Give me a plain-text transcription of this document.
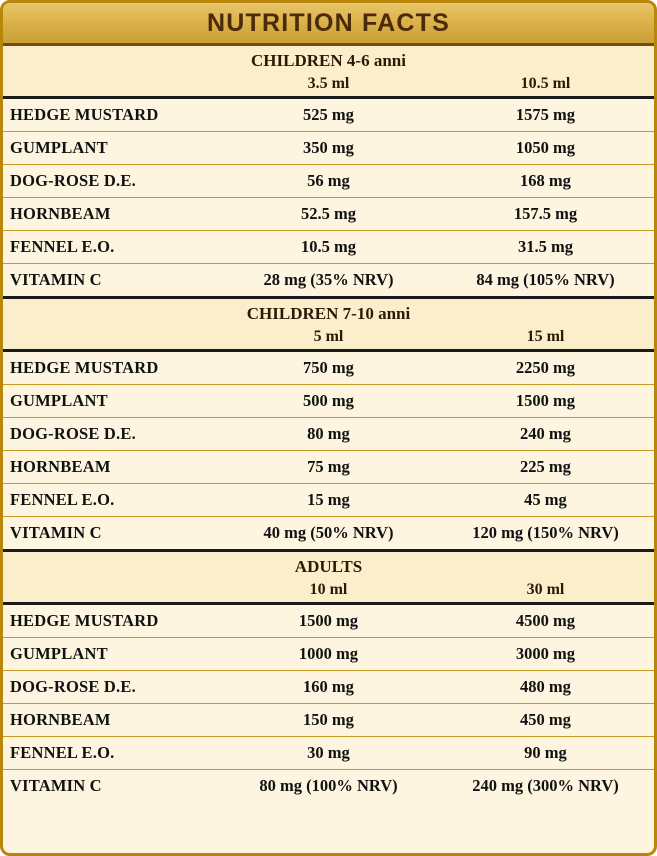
NUTRITION FACTS
CHILDREN 4-6 anni		
	3.5 ml	10.5 ml
HEDGE MUSTARD	525 mg	1575 mg
GUMPLANT	350 mg	1050 mg
DOG-ROSE D.E.	56 mg	168 mg
HORNBEAM	52.5 mg	157.5 mg
FENNEL E.O.	10.5 mg	31.5 mg
VITAMIN C	28 mg (35% NRV)	84 mg (105% NRV)
CHILDREN 7-10 anni		
	5 ml	15 ml
HEDGE MUSTARD	750 mg	2250 mg
GUMPLANT	500 mg	1500 mg
DOG-ROSE D.E.	80 mg	240 mg
HORNBEAM	75 mg	225 mg
FENNEL E.O.	15 mg	45 mg
VITAMIN C	40 mg (50% NRV)	120 mg (150% NRV)
ADULTS		
	10 ml	30 ml
HEDGE MUSTARD	1500 mg	4500 mg
GUMPLANT	1000 mg	3000 mg
DOG-ROSE D.E.	160 mg	480 mg
HORNBEAM	150 mg	450 mg
FENNEL E.O.	30 mg	90 mg
VITAMIN C	80 mg (100% NRV)	240 mg (300% NRV)
